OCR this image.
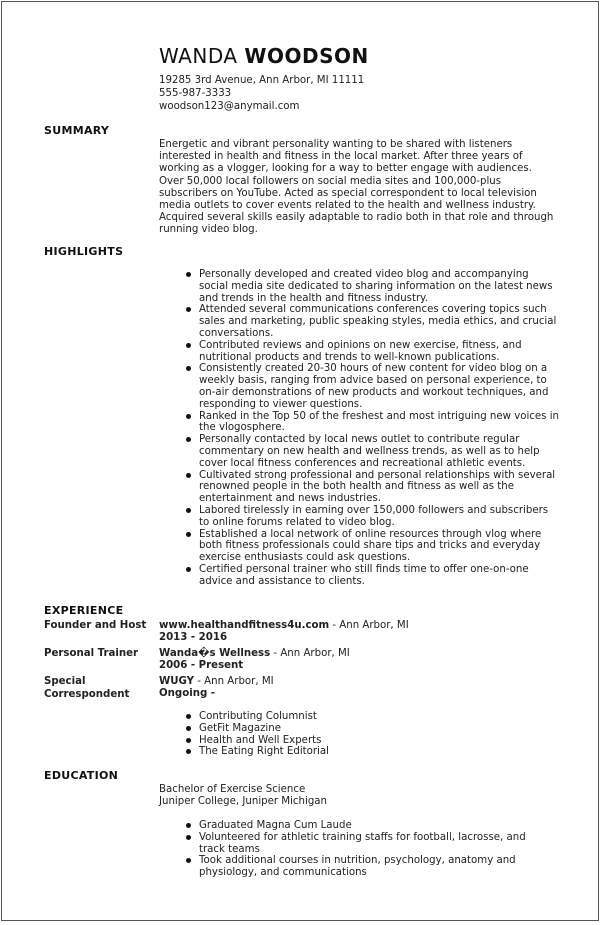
WANDA WOODSON
19285 3rd Avenue, Ann Arbor, MI 11111
555-987-3333
woodson123@anymail.com
SUMMARY
Energetic and vibrant personality wanting to be shared with listeners interested in health and fitness in the local market. After three years of working as a vlogger, looking for a way to better engage with audiences. Over 50,000 local followers on social media sites and 100,000-plus subscribers on YouTube. Acted as special correspondent to local television media outlets to cover events related to the health and wellness industry. Acquired several skills easily adaptable to radio both in that role and through running video blog.
HIGHLIGHTS
Personally developed and created video blog and accompanying social media site dedicated to sharing information on the latest news and trends in the health and fitness industry.
Attended several communications conferences covering topics such sales and marketing, public speaking styles, media ethics, and crucial conversations.
Contributed reviews and opinions on new exercise, fitness, and nutritional products and trends to well-known publications.
Consistently created 20-30 hours of new content for video blog on a weekly basis, ranging from advice based on personal experience, to on-air demonstrations of new products and workout techniques, and responding to viewer questions.
Ranked in the Top 50 of the freshest and most intriguing new voices in the vlogosphere.
Personally contacted by local news outlet to contribute regular commentary on new health and wellness trends, as well as to help cover local fitness conferences and recreational athletic events.
Cultivated strong professional and personal relationships with several renowned people in the both health and fitness as well as the entertainment and news industries.
Labored tirelessly in earning over 150,000 followers and subscribers to online forums related to video blog.
Established a local network of online resources through vlog where both fitness professionals could share tips and tricks and everyday exercise enthusiasts could ask questions.
Certified personal trainer who still finds time to offer one-on-one advice and assistance to clients.
EXPERIENCE
Founder and Host www.healthandfitness4u.com - Ann Arbor, MI
2013 - 2016
Personal Trainer Wanda�s Wellness - Ann Arbor, MI
2006 - Present
Special Correspondent
WUGY - Ann Arbor, MI
Ongoing -
Contributing Columnist
GetFit Magazine
Health and Well Experts
The Eating Right Editorial
EDUCATION
Bachelor of Exercise Science
Juniper College, Juniper Michigan
Graduated Magna Cum Laude
Volunteered for athletic training staffs for football, lacrosse, and track teams
Took additional courses in nutrition, psychology, anatomy and physiology, and communications
